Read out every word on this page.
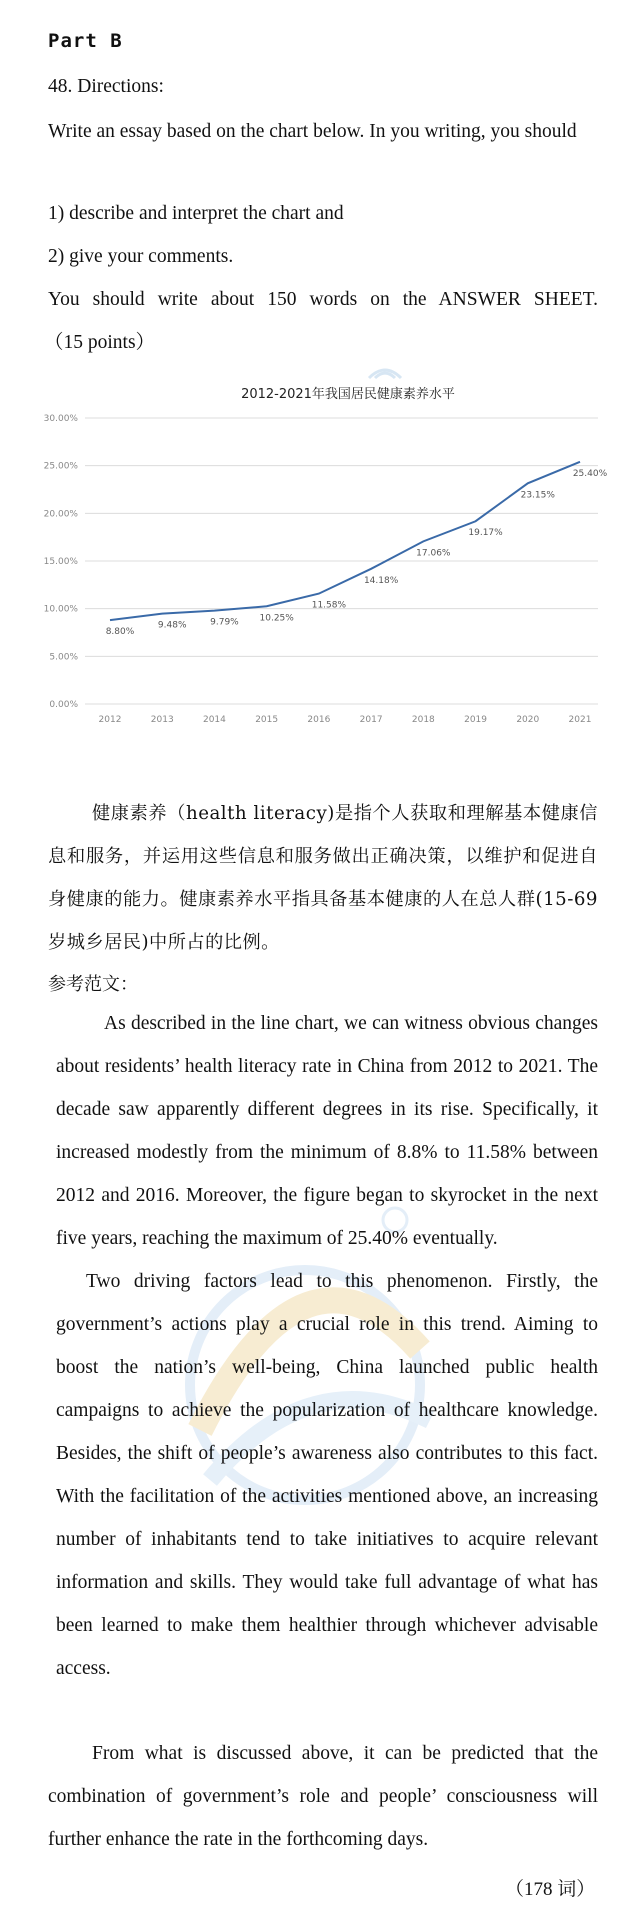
Part B
48. Directions:
Write an essay based on the chart below. In you writing, you should
1) describe and interpret the chart and
2) give your comments.
You should write about 150 words on the ANSWER SHEET.
（15 points）
2012-2021年我国居民健康素养水平
0.00%
5.00%
10.00%
15.00%
20.00%
25.00%
30.00%
2012	2013	2014	2015	2016	2017	2018	2019	2020	2021
8.80%
9.48%	9.79% 10.25%
11.58%
14.18%
17.06%
19.17%
23.15%
25.40%
健康素养（health literacy)是指个人获取和理解基本健康信息和服务，并运用这些信息和服务做出正确决策，以维护和促进自身健康的能力。健康素养水平指具备基本健康的人在总人群(15-69 岁城乡居民)中所占的比例。
参考范文：

As described in the line chart, we can witness obvious changes about residents’ health literacy rate in China from 2012 to 2021. The decade saw apparently different degrees in its rise. Specifically, it increased modestly from the minimum of 8.8% to 11.58% between 2012 and 2016. Moreover, the figure began to skyrocket in the next five years, reaching the maximum of 25.40% eventually.

Two driving factors lead to this phenomenon. Firstly, the government’s actions play a crucial role in this trend. Aiming to boost the nation’s well-being, China launched public health campaigns to achieve the popularization of healthcare knowledge. Besides, the shift of people’s awareness also contributes to this fact. With the facilitation of the activities mentioned above, an increasing number of inhabitants tend to take initiatives to acquire relevant information and skills. They would take full advantage of what has been learned to make them healthier through whichever advisable access.

From what is discussed above, it can be predicted that the combination of government’s role and people’ consciousness will further enhance the rate in the forthcoming days.
（178 词）
